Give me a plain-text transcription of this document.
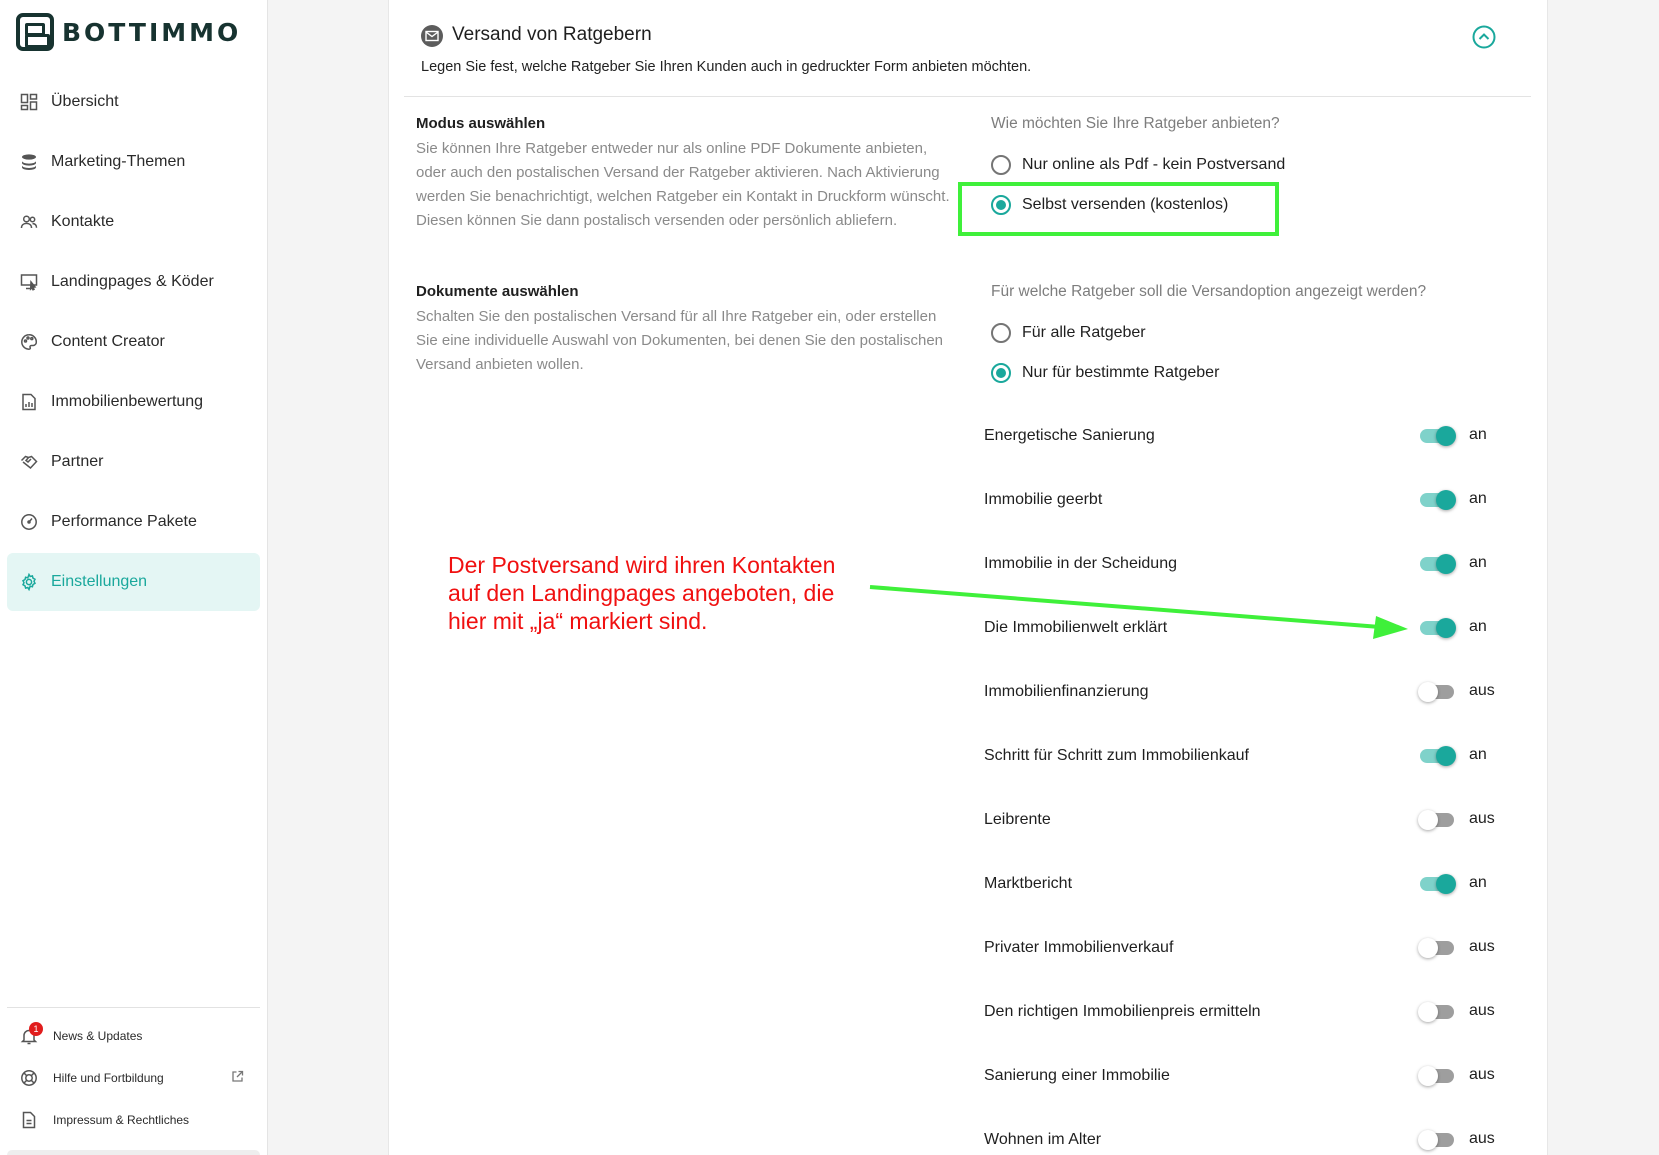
BOTTIMMO
Übersicht
Marketing-Themen
Kontakte
Landingpages & Köder
Content Creator
Immobilienbewertung
Partner
Performance Pakete
Einstellungen
1	News & Updates
Hilfe und Fortbildung
Impressum & Rechtliches
Versand von Ratgebern
Legen Sie fest, welche Ratgeber Sie Ihren Kunden auch in gedruckter Form anbieten möchten.
Modus auswählen
Sie können Ihre Ratgeber entweder nur als online PDF Dokumente anbieten, oder auch den postalischen Versand der Ratgeber aktivieren. Nach Aktivierung werden Sie benachrichtigt, welchen Ratgeber ein Kontakt in Druckform wünscht. Diesen können Sie dann postalisch versenden oder persönlich abliefern.
Wie möchten Sie Ihre Ratgeber anbieten?
Nur online als Pdf - kein Postversand
Selbst versenden (kostenlos)
Dokumente auswählen
Schalten Sie den postalischen Versand für all Ihre Ratgeber ein, oder erstellen Sie eine individuelle Auswahl von Dokumenten, bei denen Sie den postalischen Versand anbieten wollen.
Für welche Ratgeber soll die Versandoption angezeigt werden?
Für alle Ratgeber
Nur für bestimmte Ratgeber
Energetische Sanierung	an
Immobilie geerbt	an
Immobilie in der Scheidung	an
Die Immobilienwelt erklärt	an
Immobilienfinanzierung	aus
Schritt für Schritt zum Immobilienkauf	an
Leibrente	aus
Marktbericht	an
Privater Immobilienverkauf	aus
Den richtigen Immobilienpreis ermitteln	aus
Sanierung einer Immobilie	aus
Wohnen im Alter	aus
Der Postversand wird ihren Kontakten
auf den Landingpages angeboten, die
hier mit „ja“ markiert sind.
